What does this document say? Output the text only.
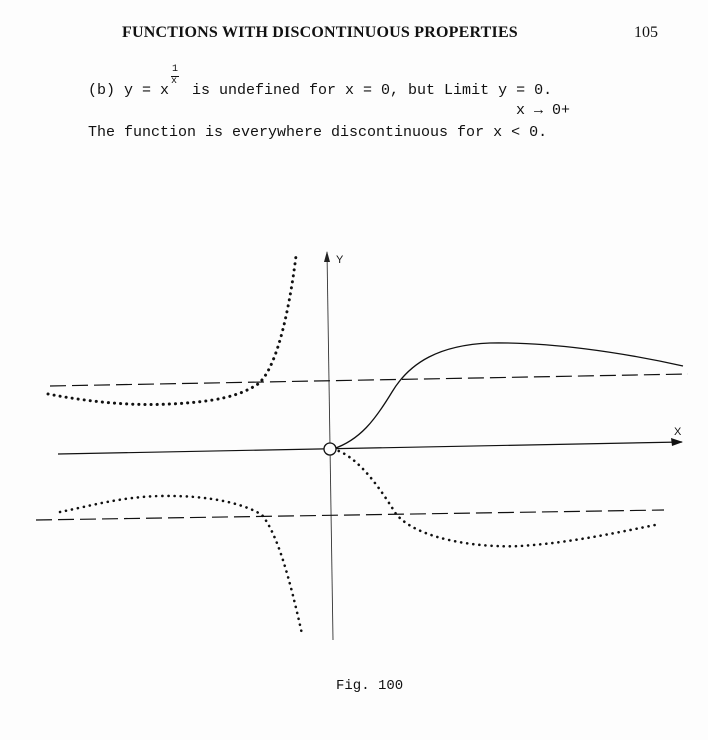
FUNCTIONS WITH DISCONTINUOUS PROPERTIES	105
(b) y = x $\frac{1}{x}$ is undefined for x = 0, but Limit y = 0.
x → 0+
The function is everywhere discontinuous for x < 0.
Y
X
Fig. 100
